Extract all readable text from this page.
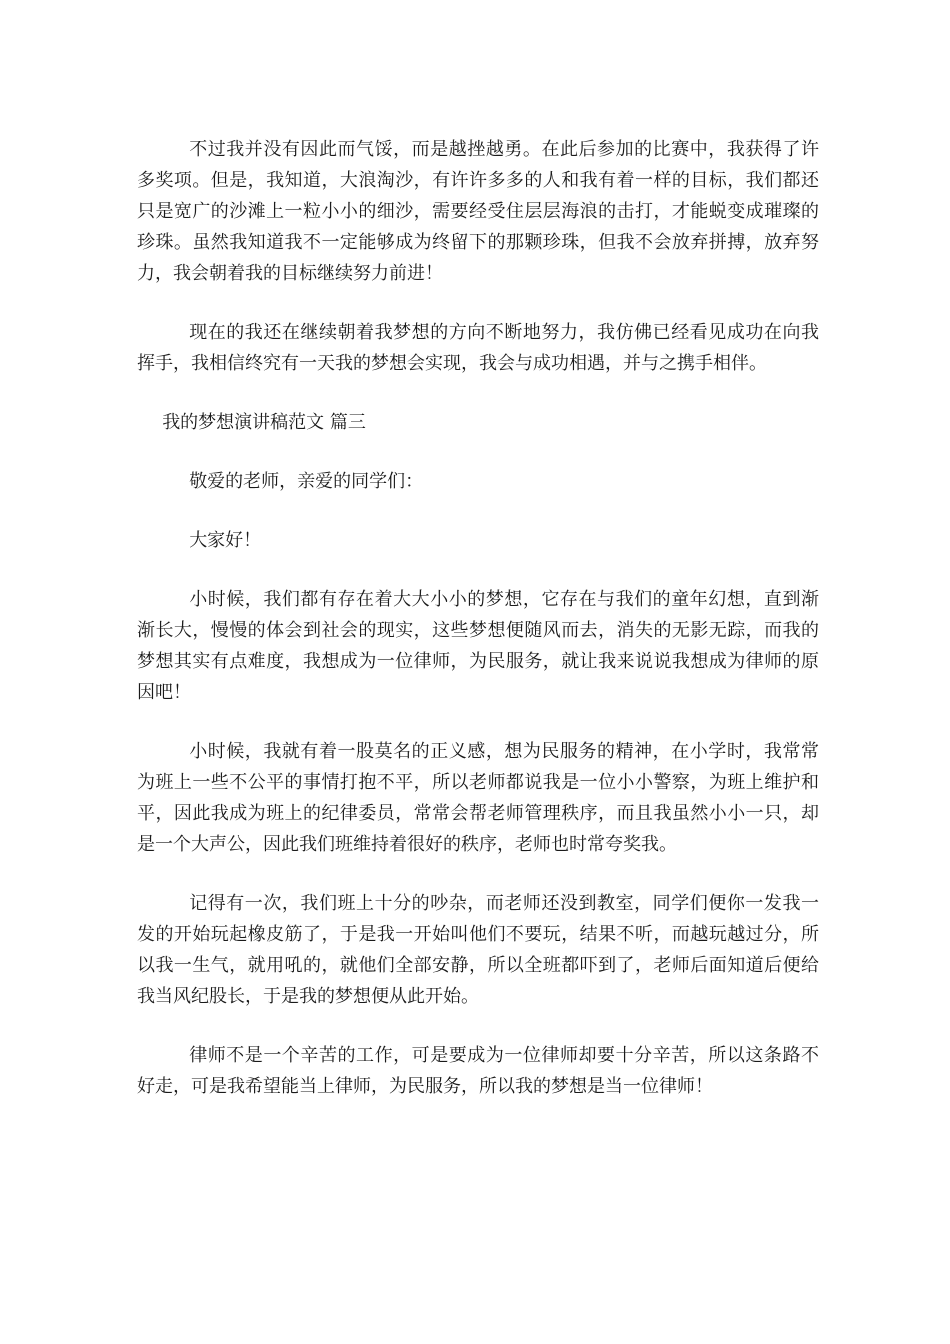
不过我并没有因此而气馁，而是越挫越勇。在此后参加的比赛中，我获得了许多奖项。但是，我知道，大浪淘沙，有许许多多的人和我有着一样的目标，我们都还只是宽广的沙滩上一粒小小的细沙，需要经受住层层海浪的击打，才能蜕变成璀璨的珍珠。虽然我知道我不一定能够成为终留下的那颗珍珠，但我不会放弃拼搏，放弃努力，我会朝着我的目标继续努力前进！

现在的我还在继续朝着我梦想的方向不断地努力，我仿佛已经看见成功在向我挥手，我相信终究有一天我的梦想会实现，我会与成功相遇，并与之携手相伴。

我的梦想演讲稿范文 篇三

敬爱的老师，亲爱的同学们：

大家好！

小时候，我们都有存在着大大小小的梦想，它存在与我们的童年幻想，直到渐渐长大，慢慢的体会到社会的现实，这些梦想便随风而去，消失的无影无踪，而我的梦想其实有点难度，我想成为一位律师，为民服务，就让我来说说我想成为律师的原因吧！

小时候，我就有着一股莫名的正义感，想为民服务的精神，在小学时，我常常为班上一些不公平的事情打抱不平，所以老师都说我是一位小小警察，为班上维护和平，因此我成为班上的纪律委员，常常会帮老师管理秩序，而且我虽然小小一只，却是一个大声公，因此我们班维持着很好的秩序，老师也时常夸奖我。

记得有一次，我们班上十分的吵杂，而老师还没到教室，同学们便你一发我一发的开始玩起橡皮筋了，于是我一开始叫他们不要玩，结果不听，而越玩越过分，所以我一生气，就用吼的，就他们全部安静，所以全班都吓到了，老师后面知道后便给我当风纪股长，于是我的梦想便从此开始。

律师不是一个辛苦的工作，可是要成为一位律师却要十分辛苦，所以这条路不好走，可是我希望能当上律师，为民服务，所以我的梦想是当一位律师！
